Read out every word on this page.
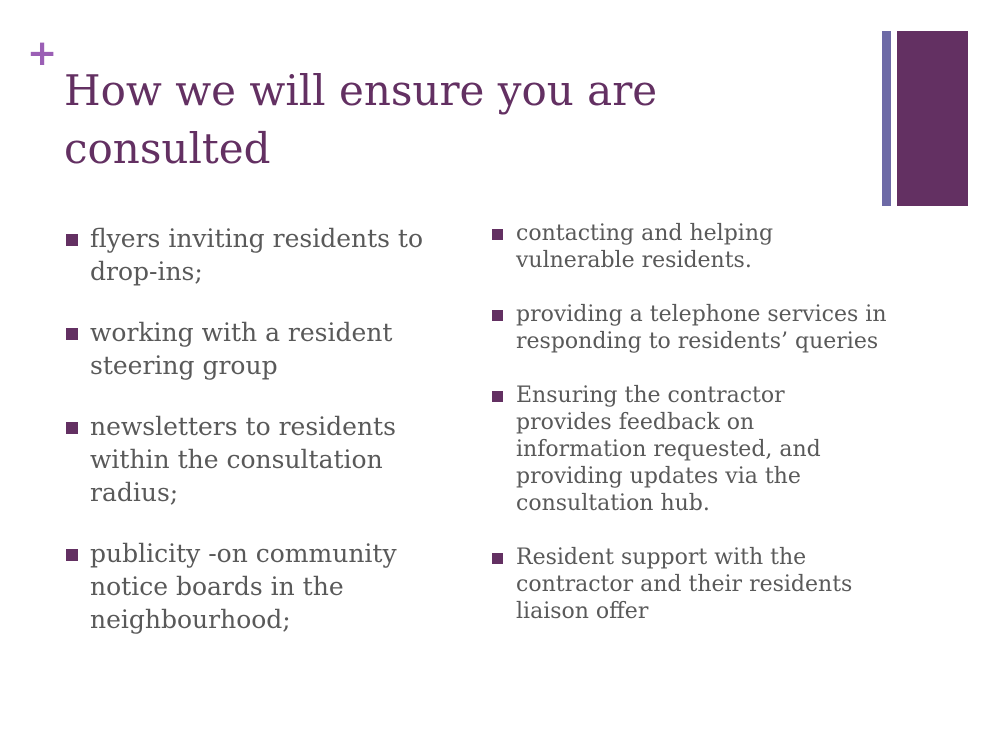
+
How we will ensure you are consulted
flyers inviting residents to drop-ins;
working with a resident steering group
newsletters to residents within the consultation radius;
publicity -on community notice boards in the neighbourhood;
contacting and helping vulnerable residents.
providing a telephone services in responding to residents’ queries
Ensuring the contractor provides feedback on information requested, and providing updates via the consultation hub.
Resident support with the contractor and their residents liaison offer
